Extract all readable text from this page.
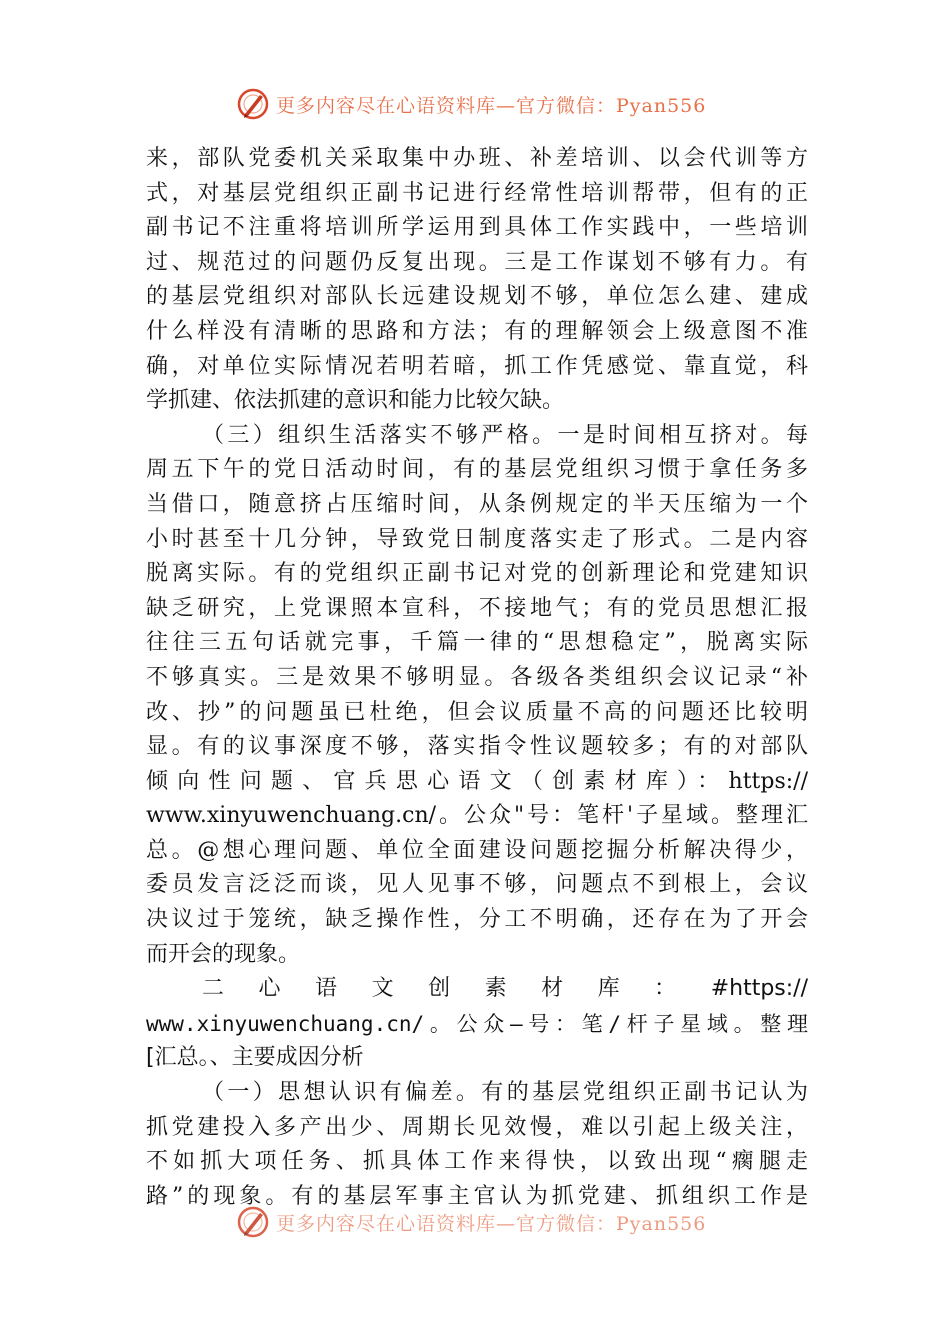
更多内容尽在心语资料库—官方微信：Pyan556
来，部队党委机关采取集中办班、补差培训、以会代训等方
式，对基层党组织正副书记进行经常性培训帮带，但有的正
副书记不注重将培训所学运用到具体工作实践中，一些培训
过、规范过的问题仍反复出现。三是工作谋划不够有力。有
的基层党组织对部队长远建设规划不够，单位怎么建、建成
什么样没有清晰的思路和方法；有的理解领会上级意图不准
确，对单位实际情况若明若暗，抓工作凭感觉、靠直觉，科
学抓建、依法抓建的意识和能力比较欠缺。
（三）组织生活落实不够严格。一是时间相互挤对。每
周五下午的党日活动时间，有的基层党组织习惯于拿任务多
当借口，随意挤占压缩时间，从条例规定的半天压缩为一个
小时甚至十几分钟，导致党日制度落实走了形式。二是内容
脱离实际。有的党组织正副书记对党的创新理论和党建知识
缺乏研究，上党课照本宣科，不接地气；有的党员思想汇报
往往三五句话就完事，千篇一律的“思想稳定”，脱离实际
不够真实。三是效果不够明显。各级各类组织会议记录“补
改、抄”的问题虽已杜绝，但会议质量不高的问题还比较明
显。有的议事深度不够，落实指令性议题较多；有的对部队
倾向性问题、官兵思心语文（创素材库）：https://
www.xinyuwenchuang.cn/。公众"号：笔杆'子星域。整理汇
总。@想心理问题、单位全面建设问题挖掘分析解决得少，
委员发言泛泛而谈，见人见事不够，问题点不到根上，会议
决议过于笼统，缺乏操作性，分工不明确，还存在为了开会
而开会的现象。
二心语文创素材库：#https://
www.xinyuwenchuang.cn/。公众—号：笔/杆子星域。整理
[汇总。、主要成因分析
（一）思想认识有偏差。有的基层党组织正副书记认为
抓党建投入多产出少、周期长见效慢，难以引起上级关注，
不如抓大项任务、抓具体工作来得快，以致出现“瘸腿走
路”的现象。有的基层军事主官认为抓党建、抓组织工作是
更多内容尽在心语资料库—官方微信：Pyan556
